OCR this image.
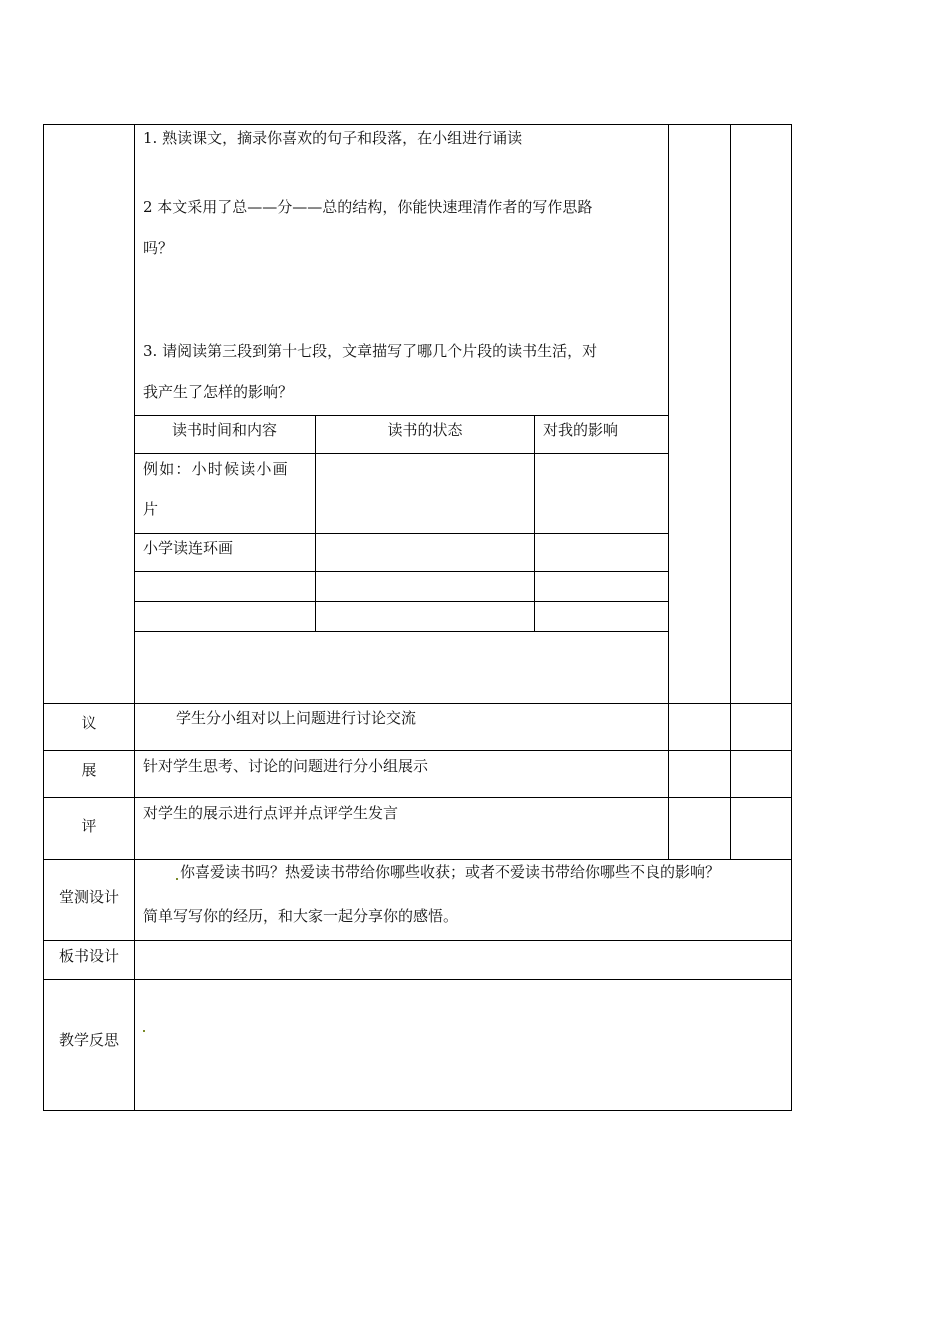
1. 熟读课文，摘录你喜欢的句子和段落，在小组进行诵读
2 本文采用了总——分——总的结构，你能快速理清作者的写作思路
吗？
3. 请阅读第三段到第十七段，文章描写了哪几个片段的读书生活，对
我产生了怎样的影响？
读书时间和内容	读书的状态	对我的影响
例如：小时候读小画
片
小学读连环画
议
展
评
堂测设计
板书设计
教学反思
学生分小组对以上问题进行讨论交流
针对学生思考、讨论的问题进行分小组展示
对学生的展示进行点评并点评学生发言
你喜爱读书吗？热爱读书带给你哪些收获；或者不爱读书带给你哪些不良的影响？
简单写写你的经历，和大家一起分享你的感悟。
